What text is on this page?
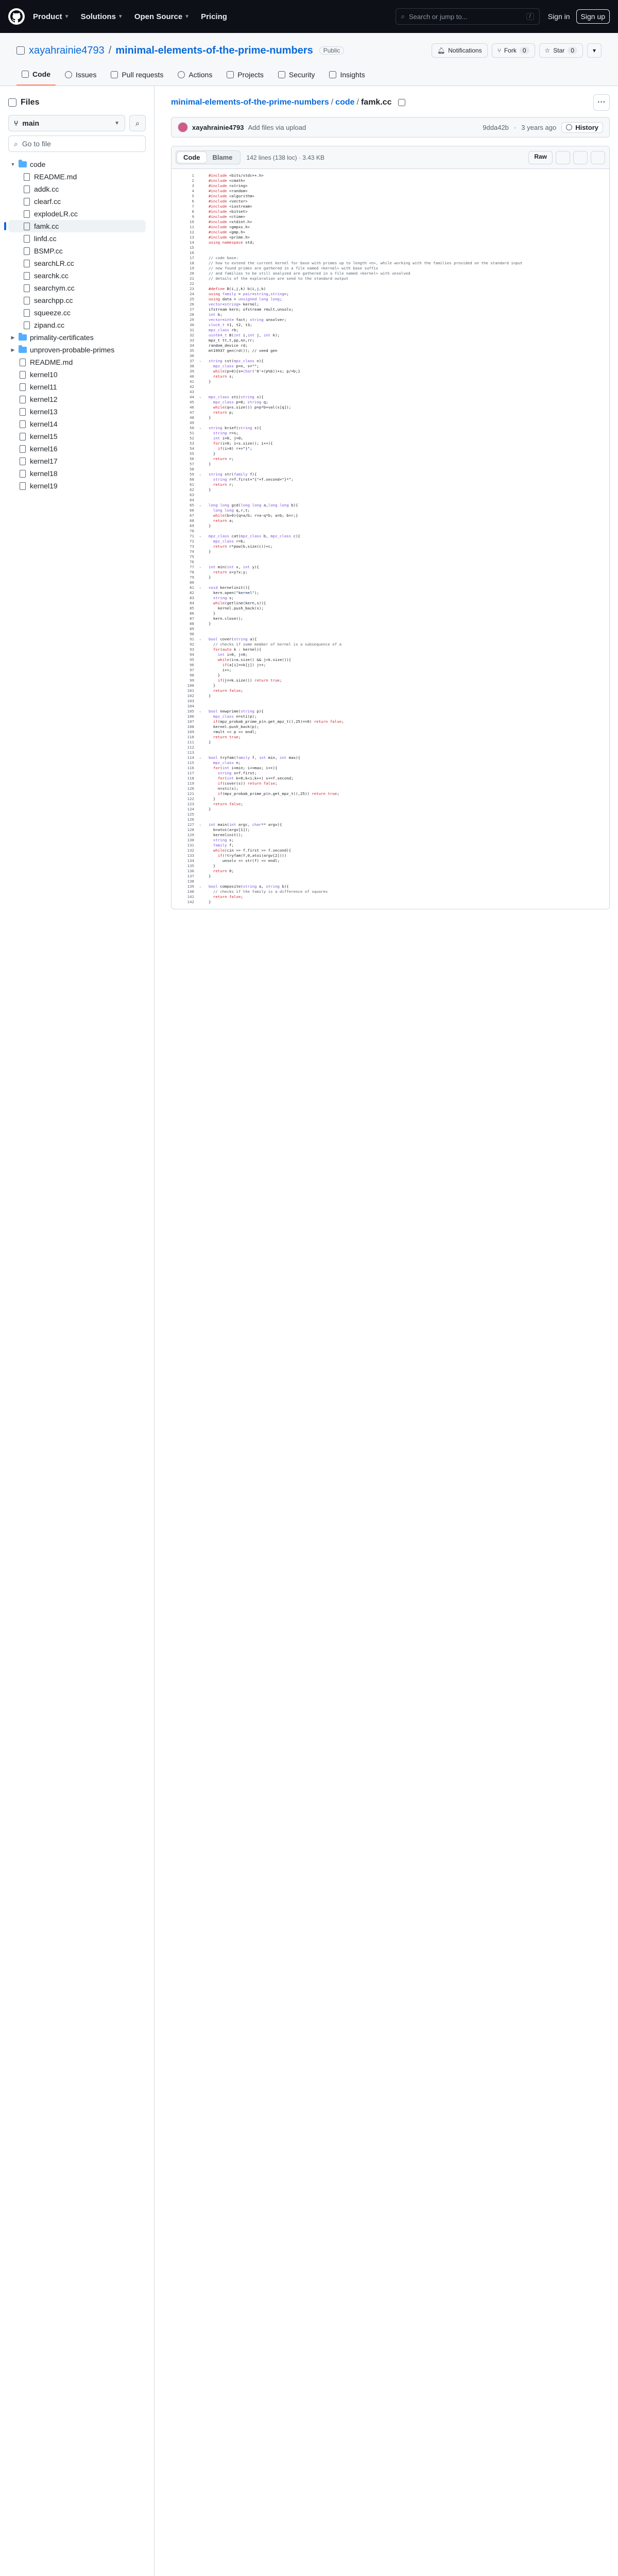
Product ▼ Solutions ▼ Open Source ▼ Pricing	⌕ Search or jump to...	/	Sign in	Sign up
xayahrainie4793 / minimal-elements-of-the-prime-numbers	Public	🔔︎ Notifications	⑂ Fork	0	☆ Star	0	▾
Code	Issues	Pull requests	Actions	Projects	Security	Insights
Files
⑂ main	▼ ⌕
⌕ Go to file
▼ code
README.md
addk.cc
clearf.cc
explodeLR.cc
famk.cc
linfd.cc
BSMP.cc
searchLR.cc
searchk.cc
searchym.cc
searchpp.cc
squeeze.cc
zipand.cc
▶ primality-certificates
▶ unproven-probable-primes
README.md
kernel10
kernel11
kernel12
kernel13
kernel14
kernel15
kernel16
kernel17
kernel18
kernel19
minimal-elements-of-the-prime-numbers / code / famk.cc	···
xayahrainie4793 Add files via upload	9dda42b · 3 years ago	History
Code	Blame	142 lines (138 loc) · 3.43 KB	Raw
1	#include <bits/stdc++.h>
2	#include <cmath>
3	#include <string>
4	#include <random>
5	#include <algorithm>
6	#include <vector>
7	#include <iostream>
8	#include <bitset>
9	#include <ctime>
10	#include <stdint.h>
11	#include <gmpxx.h>
12	#include <gmp.h>
13	#include <prime.h>
14	using namespace std;
15
16
17	// code base:
18	// how to extend the current kernel for base with primes up to length <n>, while working with the families provided on the standard input
19	// new found primes are gathered in a file named <kernel> with base suffix
20	// and families to be still analyzed are gathered in a file named <kernel> with unsolved
21	// details of the exploration are send to the standard output
22
23	#define B(i,j,k) b(i,j,k)
24	using family = pair<string,string>;
25	using data = unsigned long long;
26	vector<string> kernel;
27	ifstream kern; ofstream rmult,unsolv;
28	int b;
29	vector<int> fact; string unsolver;
30	clock_t t1, t2, t3;
31	mpz_class rb;
32	uint64_t B(int i,int j, int k);
33	mpz_t tt,t,pp,nn,rr;
34	random_device rd;
35	mt19937 gen(rd()); // seed gen
36
37	⌄	string cst(mpz_class n){
38	mpz_class p=n, s="";
39	while(p>0){s=char('0'+(p%b))+s; p/=b;}
40	return s;
41	}
42
43
44	⌄	mpz_class sti(string s){
45	mpz_class p=0; string q;
46	while(q<s.size()) p=p*b+val(s[q]);
47	return p;
48	}
49
50	⌄	string brief(string s){
51	string r=s;
52	int i=0, j=0;
53	for(i=0; i<s.size(); i++){
54	if(i>0) r+="}";
55	}
56	return r;
57	}
58
59	⌄	string str(family f){
60	string r=f.first+"{"+f.second+"}*";
61	return r;
62	}
63
64
65	⌄	long long gcd(long long a,long long b){
66	long long q,r,t;
67	while(b>0){q=a/b; r=a-q*b; a=b; b=r;}
68	return a;
69	}
70
71	⌄	mpz_class cat(mpz_class b, mpz_class c){
72	mpz_class r=b;
73	return r*pow(b,size(c))+c;
74	}
75
76
77	⌄	int min(int x, int y){
78	return x<y?x:y;
79	}
80
81	⌄	void kernelinit(){
82	kern.open("kernel");
83	string s;
84	while(getline(kern,s)){
85	kernel.push_back(s);
86	}
87	kern.close();
88	}
89
90
91	⌄	bool cover(string a){
92	// checks if some member of kernel is a subsequence of a
93	for(auto k : kernel){
94	int i=0, j=0;
95	while(i<a.size() && j<k.size()){
96	if(a[i]==k[j]) j++;
97	i++;
98	}
99	if(j==k.size()) return true;
100	}
101	return false;
102	}
103
104
105	⌄	bool newprime(string p){
106	mpz_class n=sti(p);
107	if(mpz_probab_prime_p(n.get_mpz_t(),25)==0) return false;
108	kernel.push_back(p);
109	rmult << p << endl;
110	return true;
111	}
112
113
114	⌄	bool tryfam(family f, int min, int max){
115	mpz_class n;
116	for(int i=min; i<=max; i++){
117	string s=f.first;
118	for(int k=0;k<i;k++) s+=f.second;
119	if(cover(s)) return false;
120	n=sti(s);
121	if(mpz_probab_prime_p(n.get_mpz_t(),25)) return true;
122	}
123	return false;
124	}
125
126
127	⌄	int main(int argc, char** argv){
128	b=atoi(argv[1]);
129	kernelinit();
130	string s;
131	family f;
132	while(cin >> f.first >> f.second){
133	if(!tryfam(f,0,atoi(argv[2])))
134	unsolv << str(f) << endl;
135	}
136	return 0;
137	}
138
139	⌄	bool composite(string a, string b){
140	// checks if the family is a difference of squares
141	return false;
142	}
